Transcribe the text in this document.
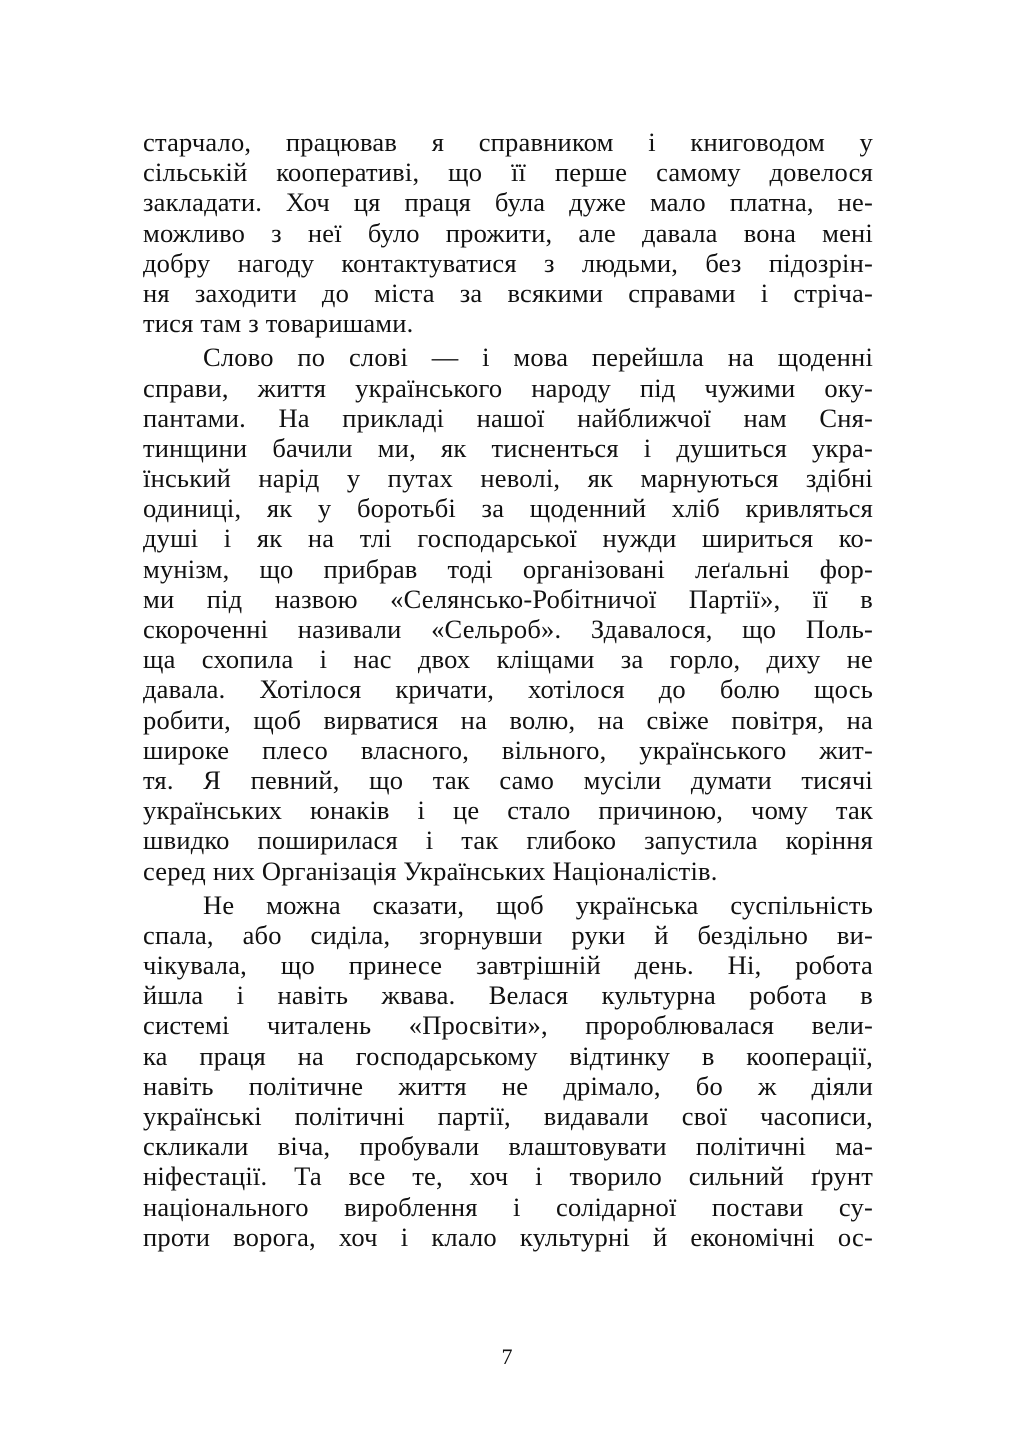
старчало, працював я справником і книговодом у
сільській кооперативі, що її перше самому довелося
закладати. Хоч ця праця була дуже мало платна, не-
можливо з неї було прожити, але давала вона мені
добру нагоду контактуватися з людьми, без підозрін-
ня заходити до міста за всякими справами і стріча-
тися там з товаришами.
Слово по слові — і мова перейшла на щоденні
справи, життя українського народу під чужими оку-
пантами. На прикладі нашої найближчої нам Сня-
тинщини бачили ми, як тисненться і душиться укра-
їнський нарід у путах неволі, як марнуються здібні
одиниці, як у боротьбі за щоденний хліб кривляться
душі і як на тлі господарської нужди шириться ко-
мунізм, що прибрав тоді організовані леґальні фор-
ми під назвою «Селянсько-Робітничої Партії», її в
скороченні називали «Сельроб». Здавалося, що Поль-
ща схопила і нас двох кліщами за горло, диху не
давала. Хотілося кричати, хотілося до болю щось
робити, щоб вирватися на волю, на свіже повітря, на
широке плесо власного, вільного, українського жит-
тя. Я певний, що так само мусіли думати тисячі
українських юнаків і це стало причиною, чому так
швидко поширилася і так глибоко запустила коріння
серед них Організація Українських Націоналістів.
Не можна сказати, щоб українська суспільність
спала, або сиділа, згорнувши руки й бездільно ви-
чікувала, що принесе завтрішній день. Ні, робота
йшла і навіть жвава. Велася культурна робота в
системі читалень «Просвіти», пророблювалася вели-
ка праця на господарському відтинку в кооперації,
навіть політичне життя не дрімало, бо ж діяли
українські політичні партії, видавали свої часописи,
скликали віча, пробували влаштовувати політичні ма-
ніфестації. Та все те, хоч і творило сильний ґрунт
національного вироблення і солідарної постави су-
проти ворога, хоч і клало культурні й економічні ос-
7
